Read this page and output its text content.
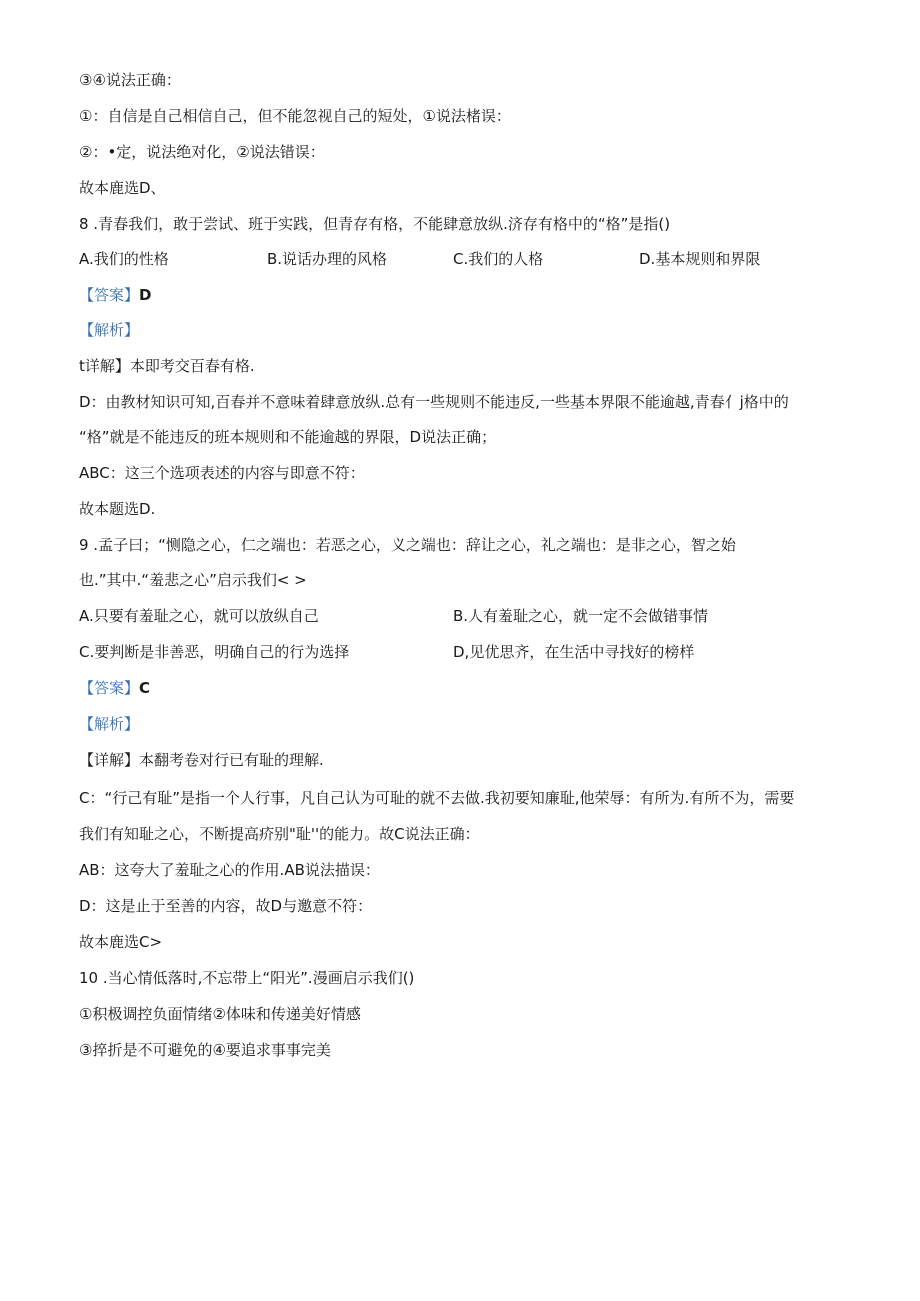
③④说法正确：
①：自信是自己相信自己，但不能忽视自己的短处，①说法楮误：
②：•定，说法绝对化，②说法错误：
故本鹿选D、
8 .青春我们，敢于尝试、班于实践，但青存有格，不能肆意放纵.济存有格中的“格”是指()
A.我们的性格	B.说话办理的风格	C.我们的人格	D.基本规则和界限
【答案】D
【解析】
t详解】本即考交百春有格.
D：由教材知识可知,百春并不意味着肆意放纵.总有一些规则不能违反,一些基本界限不能逾越,青春亻j格中的
“格”就是不能违反的班本规则和不能逾越的界限，D说法正确；
ABC：这三个选项表述的内容与即意不符：
故本题选D.
9 .孟子曰；“恻隐之心，仁之端也：若恶之心，义之端也：辞让之心，礼之端也：是非之心，智之始
也.”其中.“羞悲之心”启示我们< >
A.只要有羞耻之心，就可以放纵自己	B.人有羞耻之心，就一定不会做错事情
C.要判断是非善恶，明确自己的行为选择	D,见优思齐，在生活中寻找好的榜样
【答案】C
【解析】
【详解】本翻考卷对行已有耻的理解.
C：“行己有耻”是指一个人行事，凡自己认为可耻的就不去做.我初要知廉耻,他荣辱：有所为.有所不为，需要
我们有知耻之心，不断提高疥别"耻''的能力。故C说法正确：
AB：这夸大了羞耻之心的作用.AB说法描误：
D：这是止于至善的内容，故D与邀意不符：
故本鹿选C>
10 .当心情低落时,不忘带上“阳光”.漫画启示我们()
①积极调控负面情绪②体味和传递美好情感
③捽折是不可避免的④要追求事事完美
